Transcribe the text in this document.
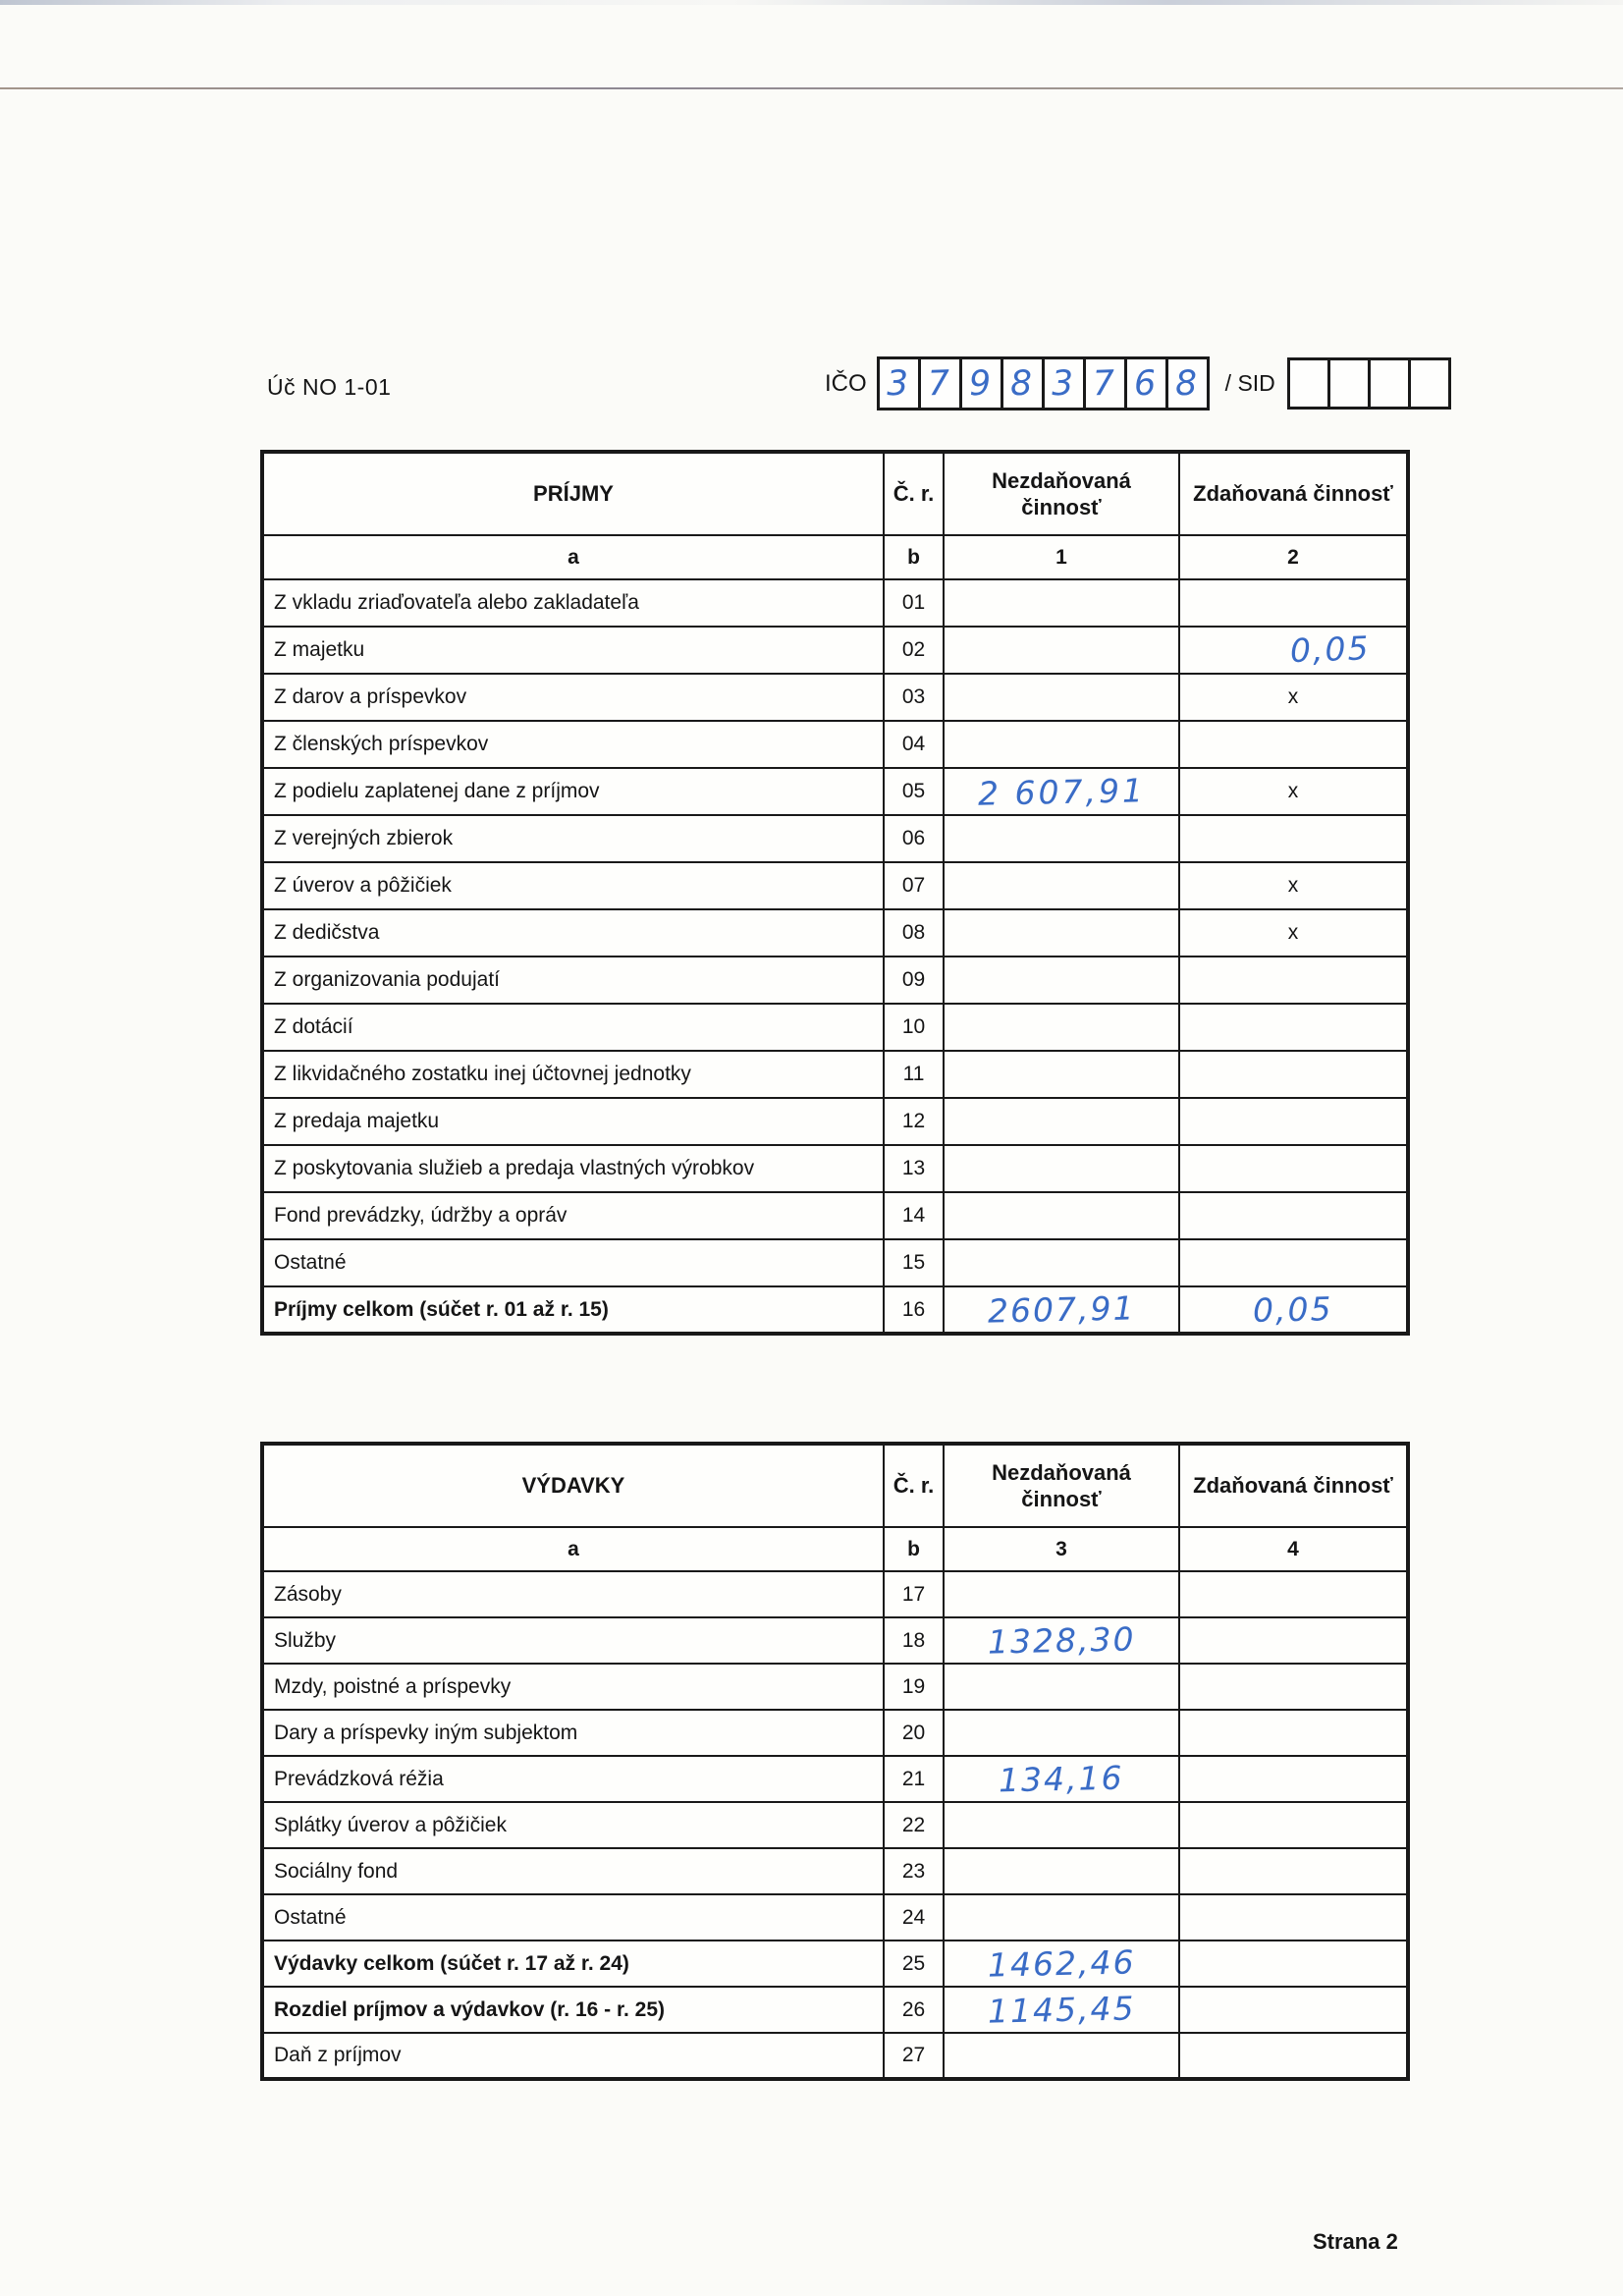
Úč NO 1-01	IČO 3 7 9 8 3 7 6 8 / SID
PRÍJMY	Č. r.	Nezdaňovaná činnosť	Zdaňovaná činnosť
a	b	1	2
Z vkladu zriaďovateľa alebo zakladateľa	01		
Z majetku	02		0,05
Z darov a príspevkov	03		x
Z členských príspevkov	04		
Z podielu zaplatenej dane z príjmov	05	2 607,91	x
Z verejných zbierok	06		
Z úverov a pôžičiek	07		x
Z dedičstva	08		x
Z organizovania podujatí	09		
Z dotácií	10		
Z likvidačného zostatku inej účtovnej jednotky	11		
Z predaja majetku	12		
Z poskytovania služieb a predaja vlastných výrobkov	13		
Fond prevádzky, údržby a opráv	14		
Ostatné	15		
Príjmy celkom (súčet r. 01 až r. 15)	16	2607,91	0,05
VÝDAVKY	Č. r.	Nezdaňovaná činnosť	Zdaňovaná činnosť
a	b	3	4
Zásoby	17		
Služby	18	1328,30	
Mzdy, poistné a príspevky	19		
Dary a príspevky iným subjektom	20		
Prevádzková réžia	21	134,16	
Splátky úverov a pôžičiek	22		
Sociálny fond	23		
Ostatné	24		
Výdavky celkom (súčet r. 17 až r. 24)	25	1462,46	
Rozdiel príjmov a výdavkov (r. 16 - r. 25)	26	1145,45	
Daň z príjmov	27		
Strana 2
